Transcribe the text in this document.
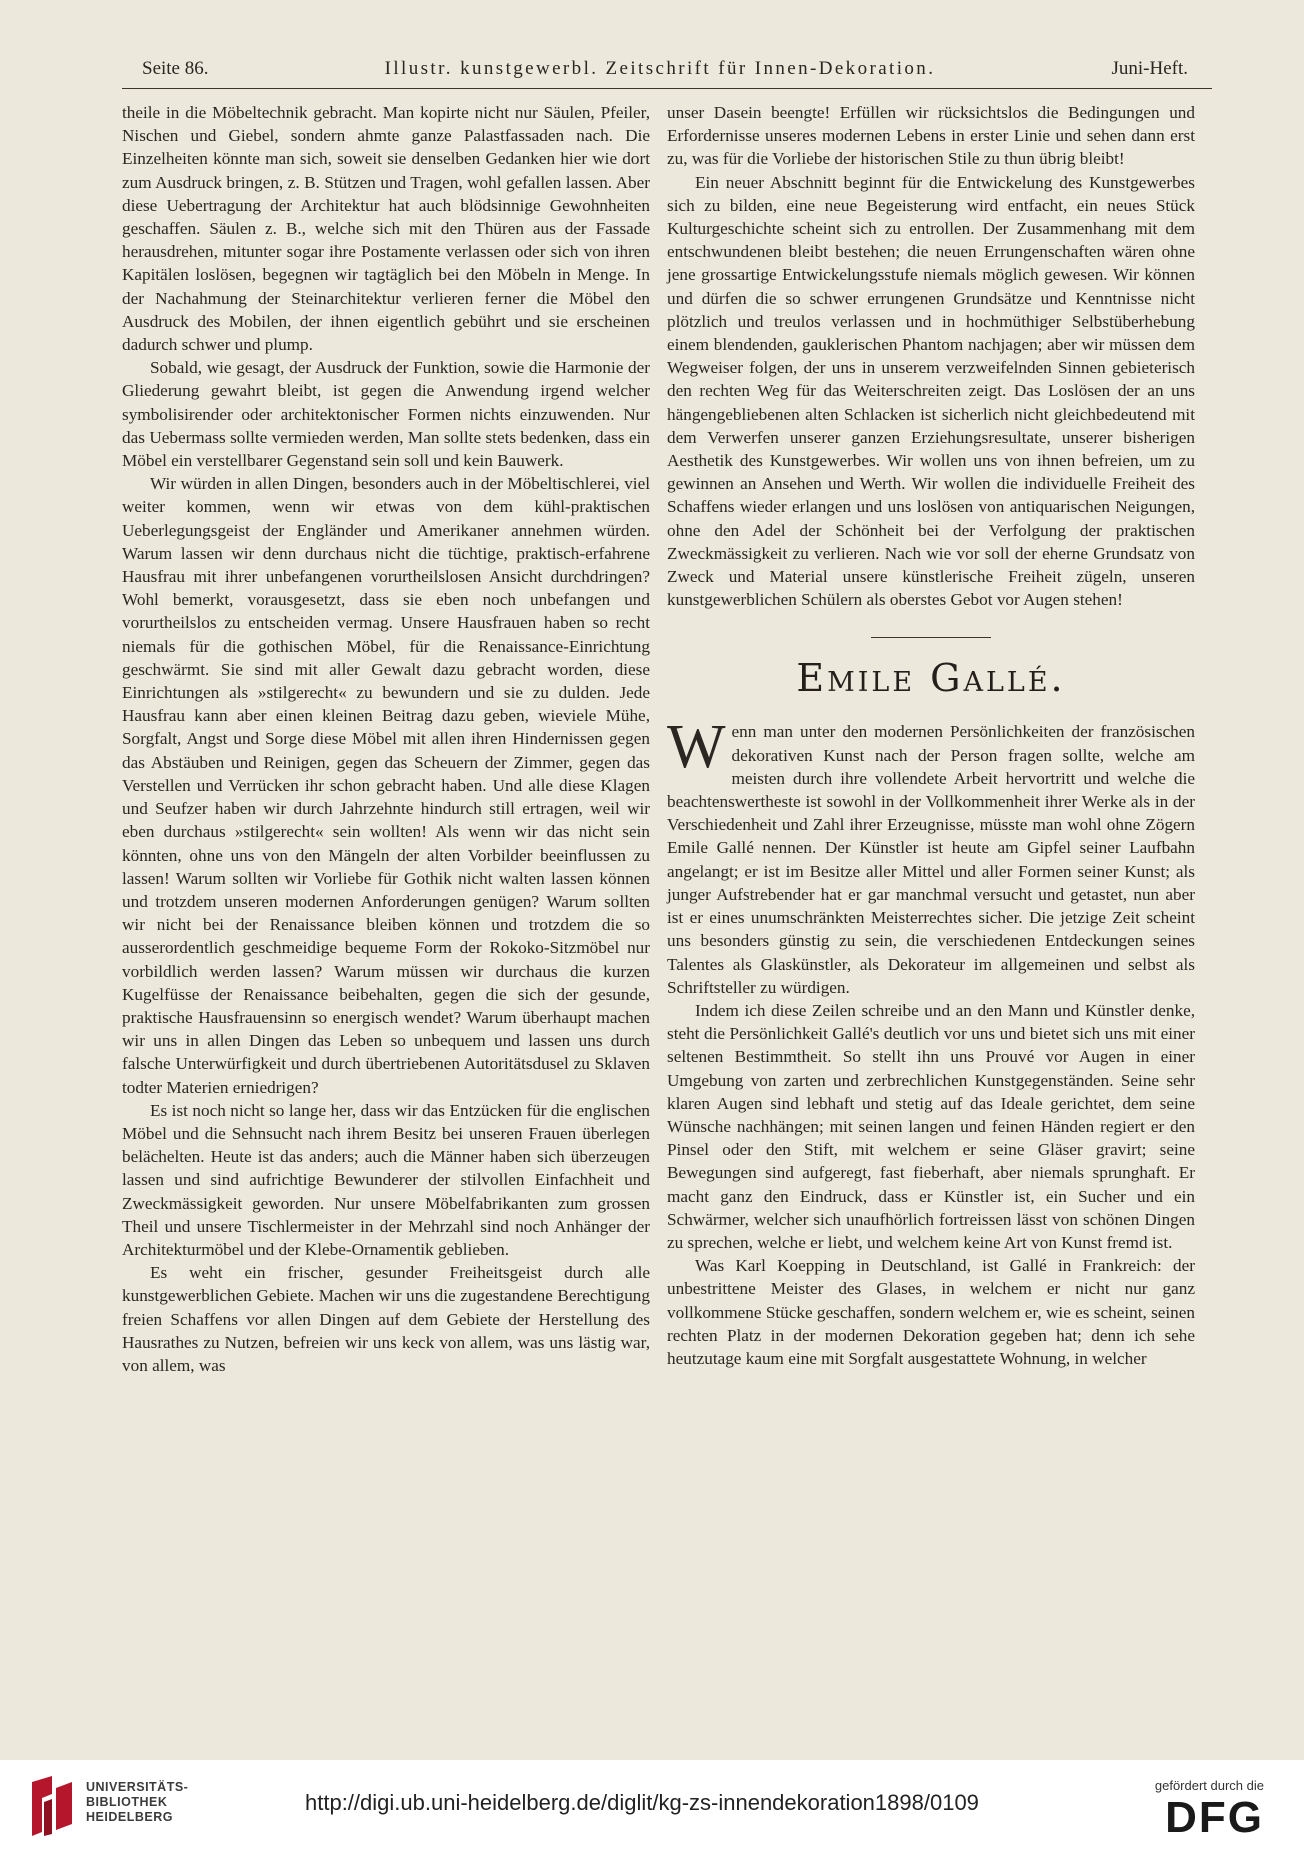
Seite 86.	Illustr. kunstgewerbl. Zeitschrift für Innen-Dekoration.	Juni-Heft.

theile in die Möbeltechnik gebracht. Man kopirte nicht nur Säulen, Pfeiler, Nischen und Giebel, sondern ahmte ganze Palastfassaden nach. Die Einzelheiten könnte man sich, soweit sie denselben Gedanken hier wie dort zum Ausdruck bringen, z. B. Stützen und Tragen, wohl gefallen lassen. Aber diese Uebertragung der Architektur hat auch blödsinnige Gewohnheiten geschaffen. Säulen z. B., welche sich mit den Thüren aus der Fassade herausdrehen, mitunter sogar ihre Postamente verlassen oder sich von ihren Kapitälen loslösen, begegnen wir tagtäglich bei den Möbeln in Menge. In der Nachahmung der Steinarchitektur verlieren ferner die Möbel den Ausdruck des Mobilen, der ihnen eigentlich gebührt und sie erscheinen dadurch schwer und plump.

Sobald, wie gesagt, der Ausdruck der Funktion, sowie die Harmonie der Gliederung gewahrt bleibt, ist gegen die Anwendung irgend welcher symbolisirender oder architektonischer Formen nichts einzuwenden. Nur das Uebermass sollte vermieden werden, Man sollte stets bedenken, dass ein Möbel ein verstellbarer Gegenstand sein soll und kein Bauwerk.

Wir würden in allen Dingen, besonders auch in der Möbeltischlerei, viel weiter kommen, wenn wir etwas von dem kühl-praktischen Ueberlegungsgeist der Engländer und Amerikaner annehmen würden. Warum lassen wir denn durchaus nicht die tüchtige, praktisch-erfahrene Hausfrau mit ihrer unbefangenen vorurtheilslosen Ansicht durchdringen? Wohl bemerkt, vorausgesetzt, dass sie eben noch unbefangen und vorurtheilslos zu entscheiden vermag. Unsere Hausfrauen haben so recht niemals für die gothischen Möbel, für die Renaissance-Einrichtung geschwärmt. Sie sind mit aller Gewalt dazu gebracht worden, diese Einrichtungen als »stilgerecht« zu bewundern und sie zu dulden. Jede Hausfrau kann aber einen kleinen Beitrag dazu geben, wieviele Mühe, Sorgfalt, Angst und Sorge diese Möbel mit allen ihren Hindernissen gegen das Abstäuben und Reinigen, gegen das Scheuern der Zimmer, gegen das Verstellen und Verrücken ihr schon gebracht haben. Und alle diese Klagen und Seufzer haben wir durch Jahrzehnte hindurch still ertragen, weil wir eben durchaus »stilgerecht« sein wollten! Als wenn wir das nicht sein könnten, ohne uns von den Mängeln der alten Vorbilder beeinflussen zu lassen! Warum sollten wir Vorliebe für Gothik nicht walten lassen können und trotzdem unseren modernen Anforderungen genügen? Warum sollten wir nicht bei der Renaissance bleiben können und trotzdem die so ausserordentlich geschmeidige bequeme Form der Rokoko-Sitzmöbel nur vorbildlich werden lassen? Warum müssen wir durchaus die kurzen Kugelfüsse der Renaissance beibehalten, gegen die sich der gesunde, praktische Hausfrauensinn so energisch wendet? Warum überhaupt machen wir uns in allen Dingen das Leben so unbequem und lassen uns durch falsche Unterwürfigkeit und durch übertriebenen Autoritätsdusel zu Sklaven todter Materien erniedrigen?

Es ist noch nicht so lange her, dass wir das Entzücken für die englischen Möbel und die Sehnsucht nach ihrem Besitz bei unseren Frauen überlegen belächelten. Heute ist das anders; auch die Männer haben sich überzeugen lassen und sind aufrichtige Bewunderer der stilvollen Einfachheit und Zweckmässigkeit geworden. Nur unsere Möbelfabrikanten zum grossen Theil und unsere Tischlermeister in der Mehrzahl sind noch Anhänger der Architekturmöbel und der Klebe-Ornamentik geblieben.

Es weht ein frischer, gesunder Freiheitsgeist durch alle kunstgewerblichen Gebiete. Machen wir uns die zugestandene Berechtigung freien Schaffens vor allen Dingen auf dem Gebiete der Herstellung des Hausrathes zu Nutzen, befreien wir uns keck von allem, was uns lästig war, von allem, was

unser Dasein beengte! Erfüllen wir rücksichtslos die Bedingungen und Erfordernisse unseres modernen Lebens in erster Linie und sehen dann erst zu, was für die Vorliebe der historischen Stile zu thun übrig bleibt!

Ein neuer Abschnitt beginnt für die Entwickelung des Kunstgewerbes sich zu bilden, eine neue Begeisterung wird entfacht, ein neues Stück Kulturgeschichte scheint sich zu entrollen. Der Zusammenhang mit dem entschwundenen bleibt bestehen; die neuen Errungenschaften wären ohne jene grossartige Entwickelungsstufe niemals möglich gewesen. Wir können und dürfen die so schwer errungenen Grundsätze und Kenntnisse nicht plötzlich und treulos verlassen und in hochmüthiger Selbstüberhebung einem blendenden, gauklerischen Phantom nachjagen; aber wir müssen dem Wegweiser folgen, der uns in unserem verzweifelnden Sinnen gebieterisch den rechten Weg für das Weiterschreiten zeigt. Das Loslösen der an uns hängengebliebenen alten Schlacken ist sicherlich nicht gleichbedeutend mit dem Verwerfen unserer ganzen Erziehungsresultate, unserer bisherigen Aesthetik des Kunstgewerbes. Wir wollen uns von ihnen befreien, um zu gewinnen an Ansehen und Werth. Wir wollen die individuelle Freiheit des Schaffens wieder erlangen und uns loslösen von antiquarischen Neigungen, ohne den Adel der Schönheit bei der Verfolgung der praktischen Zweckmässigkeit zu verlieren. Nach wie vor soll der eherne Grundsatz von Zweck und Material unsere künstlerische Freiheit zügeln, unseren kunstgewerblichen Schülern als oberstes Gebot vor Augen stehen!

Emile Gallé.

Wenn man unter den modernen Persönlichkeiten der französischen dekorativen Kunst nach der Person fragen sollte, welche am meisten durch ihre vollendete Arbeit hervortritt und welche die beachtenswertheste ist sowohl in der Vollkommenheit ihrer Werke als in der Verschiedenheit und Zahl ihrer Erzeugnisse, müsste man wohl ohne Zögern Emile Gallé nennen. Der Künstler ist heute am Gipfel seiner Laufbahn angelangt; er ist im Besitze aller Mittel und aller Formen seiner Kunst; als junger Aufstrebender hat er gar manchmal versucht und getastet, nun aber ist er eines unumschränkten Meisterrechtes sicher. Die jetzige Zeit scheint uns besonders günstig zu sein, die verschiedenen Entdeckungen seines Talentes als Glaskünstler, als Dekorateur im allgemeinen und selbst als Schriftsteller zu würdigen.

Indem ich diese Zeilen schreibe und an den Mann und Künstler denke, steht die Persönlichkeit Gallé's deutlich vor uns und bietet sich uns mit einer seltenen Bestimmtheit. So stellt ihn uns Prouvé vor Augen in einer Umgebung von zarten und zerbrechlichen Kunstgegenständen. Seine sehr klaren Augen sind lebhaft und stetig auf das Ideale gerichtet, dem seine Wünsche nachhängen; mit seinen langen und feinen Händen regiert er den Pinsel oder den Stift, mit welchem er seine Gläser gravirt; seine Bewegungen sind aufgeregt, fast fieberhaft, aber niemals sprunghaft. Er macht ganz den Eindruck, dass er Künstler ist, ein Sucher und ein Schwärmer, welcher sich unaufhörlich fortreissen lässt von schönen Dingen zu sprechen, welche er liebt, und welchem keine Art von Kunst fremd ist.

Was Karl Koepping in Deutschland, ist Gallé in Frankreich: der unbestrittene Meister des Glases, in welchem er nicht nur ganz vollkommene Stücke geschaffen, sondern welchem er, wie es scheint, seinen rechten Platz in der modernen Dekoration gegeben hat; denn ich sehe heutzutage kaum eine mit Sorgfalt ausgestattete Wohnung, in welcher

UNIVERSITÄTS-
BIBLIOTHEK
HEIDELBERG
http://digi.ub.uni-heidelberg.de/diglit/kg-zs-innendekoration1898/0109
gefördert durch die
DFG
